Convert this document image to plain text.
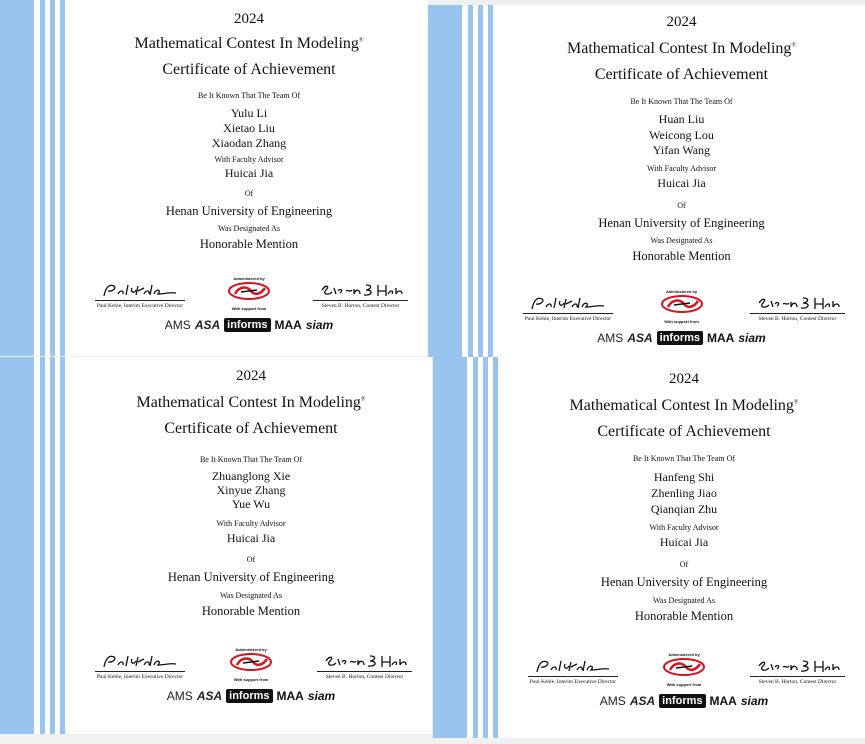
2024
Mathematical Contest In Modeling®
Certificate of Achievement
Be It Known That The Team Of
Yulu Li
Xietao Liu
Xiaodan Zhang
With Faculty Advisor
Huicai Jia
Of
Henan University of Engineering
Was Designated As
Honorable Mention
Paul Kehle, Interim Executive Director
Administered by
With support from	Steven B. Horton, Contest Director
AMS ASA informs MAA siam
2024
Mathematical Contest In Modeling®
Certificate of Achievement
Be It Known That The Team Of
Huan Liu
Weicong Lou
Yifan Wang
With Faculty Advisor
Huicai Jia
Of
Henan University of Engineering
Was Designated As
Honorable Mention
Paul Kehle, Interim Executive Director
Administered by
With support from	Steven B. Horton, Contest Director
AMS ASA informs MAA siam
2024
Mathematical Contest In Modeling®
Certificate of Achievement
Be It Known That The Team Of
Zhuanglong Xie
Xinyue Zhang
Yue Wu
With Faculty Advisor
Huicai Jia
Of
Henan University of Engineering
Was Designated As
Honorable Mention
Paul Kehle, Interim Executive Director
Administered by
With support from	Steven B. Horton, Contest Director
AMS ASA informs MAA siam
2024
Mathematical Contest In Modeling®
Certificate of Achievement
Be It Known That The Team Of
Hanfeng Shi
Zhenling Jiao
Qianqian Zhu
With Faculty Advisor
Huicai Jia
Of
Henan University of Engineering
Was Designated As
Honorable Mention
Paul Kehle, Interim Executive Director
Administered by
With support from	Steven B. Horton, Contest Director
AMS ASA informs MAA siam
